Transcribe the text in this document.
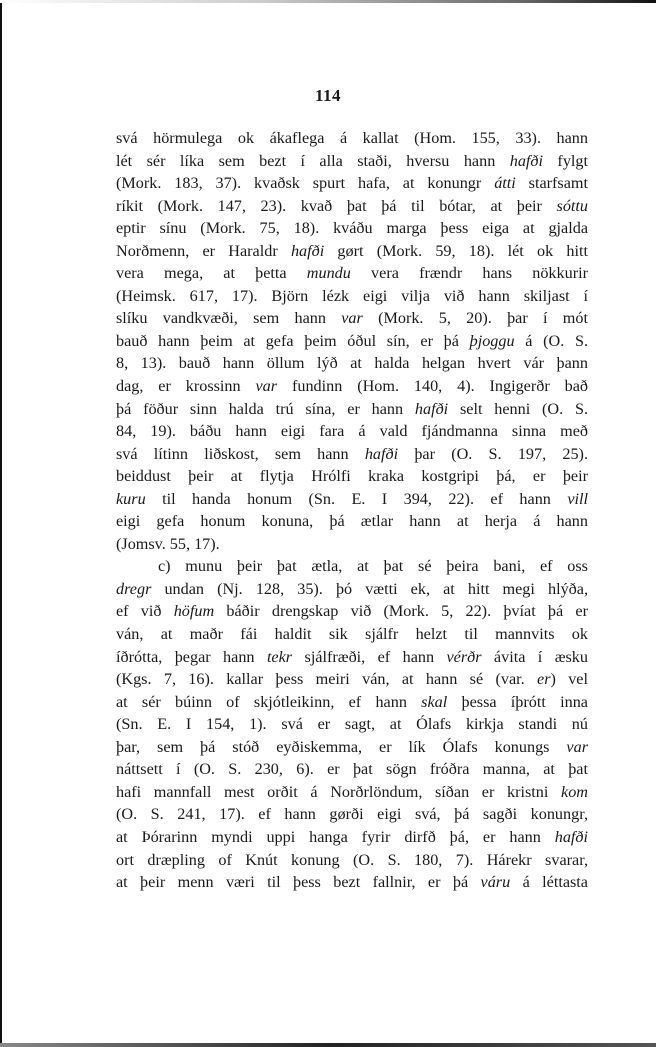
114
svá hörmulega ok ákaflega á kallat (Hom. 155, 33). hann
lét sér líka sem bezt í alla staði, hversu hann hafði fylgt
(Mork. 183, 37). kvaðsk spurt hafa, at konungr átti starfsamt
ríkit (Mork. 147, 23). kvað þat þá til bótar, at þeir sóttu
eptir sínu (Mork. 75, 18). kváðu marga þess eiga at gjalda
Norðmenn, er Haraldr hafði gørt (Mork. 59, 18). lét ok hitt
vera mega, at þetta mundu vera frændr hans nökkurir
(Heimsk. 617, 17). Björn lézk eigi vilja við hann skiljast í
slíku vandkvæði, sem hann var (Mork. 5, 20). þar í mót
bauð hann þeim at gefa þeim óðul sín, er þá þjoggu á (O. S.
8, 13). bauð hann öllum lýð at halda helgan hvert vár þann
dag, er krossinn var fundinn (Hom. 140, 4). Ingigerðr bað
þá föður sinn halda trú sína, er hann hafði selt henni (O. S.
84, 19). báðu hann eigi fara á vald fjándmanna sinna með
svá lítinn liðskost, sem hann hafði þar (O. S. 197, 25).
beiddust þeir at flytja Hrólfi kraka kostgripi þá, er þeir
kuru til handa honum (Sn. E. I 394, 22). ef hann vill
eigi gefa honum konuna, þá ætlar hann at herja á hann
(Jomsv. 55, 17).
c) munu þeir þat ætla, at þat sé þeira bani, ef oss
dregr undan (Nj. 128, 35). þó vætti ek, at hitt megi hlýða,
ef við höfum báðir drengskap við (Mork. 5, 22). þvíat þá er
ván, at maðr fái haldit sik sjálfr helzt til mannvits ok
íðrótta, þegar hann tekr sjálfræði, ef hann vérðr ávita í æsku
(Kgs. 7, 16). kallar þess meiri ván, at hann sé (var. er) vel
at sér búinn of skjótleikinn, ef hann skal þessa íþrótt inna
(Sn. E. I 154, 1). svá er sagt, at Ólafs kirkja standi nú
þar, sem þá stóð eyðiskemma, er lík Ólafs konungs var
náttsett í (O. S. 230, 6). er þat sögn fróðra manna, at þat
hafi mannfall mest orðit á Norðrlöndum, síðan er kristni kom
(O. S. 241, 17). ef hann gørði eigi svá, þá sagði konungr,
at Þórarinn myndi uppi hanga fyrir dirfð þá, er hann hafði
ort dræpling of Knút konung (O. S. 180, 7). Hárekr svarar,
at þeir menn væri til þess bezt fallnir, er þá váru á léttasta
